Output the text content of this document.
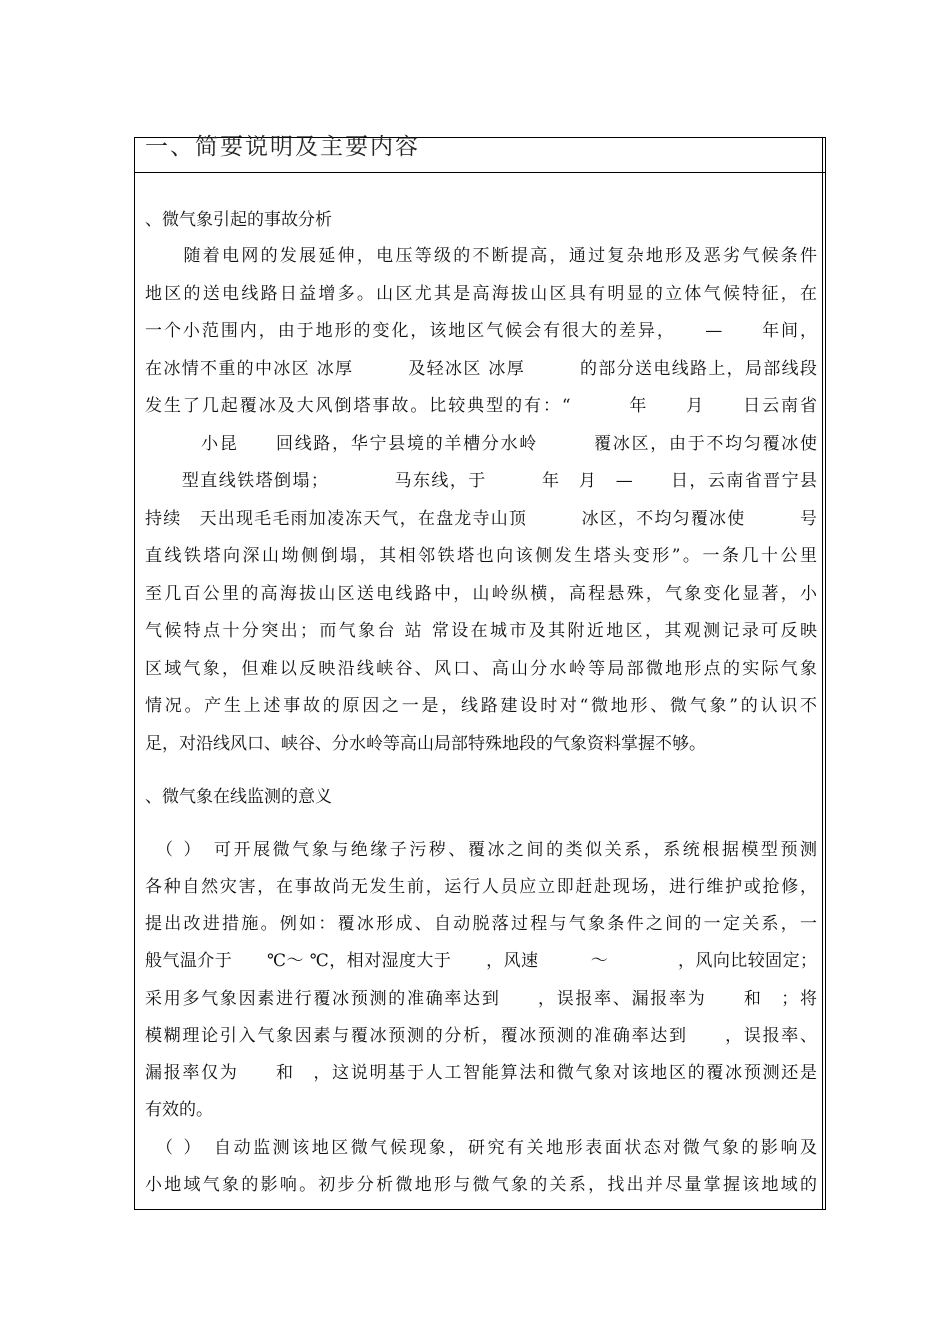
一、简要说明及主要内容
、微气象引起的事故分析
　　随着电网的发展延伸，电压等级的不断提高，通过复杂地形及恶劣气候条件
地区的送电线路日益增多。山区尤其是高海拔山区具有明显的立体气候特征，在
一个小范围内，由于地形的变化，该地区气候会有很大的差异，　　—　　年间，
在冰情不重的中冰区 冰厚　　　及轻冰区 冰厚　　　的部分送电线路上，局部线段
发生了几起覆冰及大风倒塔事故。比较典型的有：“　　　年　　月　　日云南省
　　　小昆　　回线路，华宁县境的羊槽分水岭　　　覆冰区，由于不均匀覆冰使
　　型直线铁塔倒塌；　　　　马东线，于　　　年　月　—　　日，云南省晋宁县
持续　天出现毛毛雨加凌冻天气，在盘龙寺山顶　　　冰区，不均匀覆冰使　　　号
直线铁塔向深山坳侧倒塌，其相邻铁塔也向该侧发生塔头变形”。一条几十公里
至几百公里的高海拔山区送电线路中，山岭纵横，高程悬殊，气象变化显著，小
气候特点十分突出；而气象台 站 常设在城市及其附近地区，其观测记录可反映
区域气象，但难以反映沿线峡谷、风口、高山分水岭等局部微地形点的实际气象
情况。产生上述事故的原因之一是，线路建设时对“微地形、微气象”的认识不
足，对沿线风口、峡谷、分水岭等高山局部特殊地段的气象资料掌握不够。
、微气象在线监测的意义
　（ ）　可开展微气象与绝缘子污秽、覆冰之间的类似关系，系统根据模型预测
各种自然灾害，在事故尚无发生前，运行人员应立即赶赴现场，进行维护或抢修，
提出改进措施。例如：覆冰形成、自动脱落过程与气象条件之间的一定关系，一
般气温介于　　℃～ ℃，相对湿度大于　　，风速　　　～　　　　，风向比较固定；
采用多气象因素进行覆冰预测的准确率达到　　，误报率、漏报率为　　和　；将
模糊理论引入气象因素与覆冰预测的分析，覆冰预测的准确率达到　　，误报率、
漏报率仅为　　和　，这说明基于人工智能算法和微气象对该地区的覆冰预测还是
有效的。
　（ ）　自动监测该地区微气候现象，研究有关地形表面状态对微气象的影响及
小地域气象的影响。初步分析微地形与微气象的关系，找出并尽量掌握该地域的
